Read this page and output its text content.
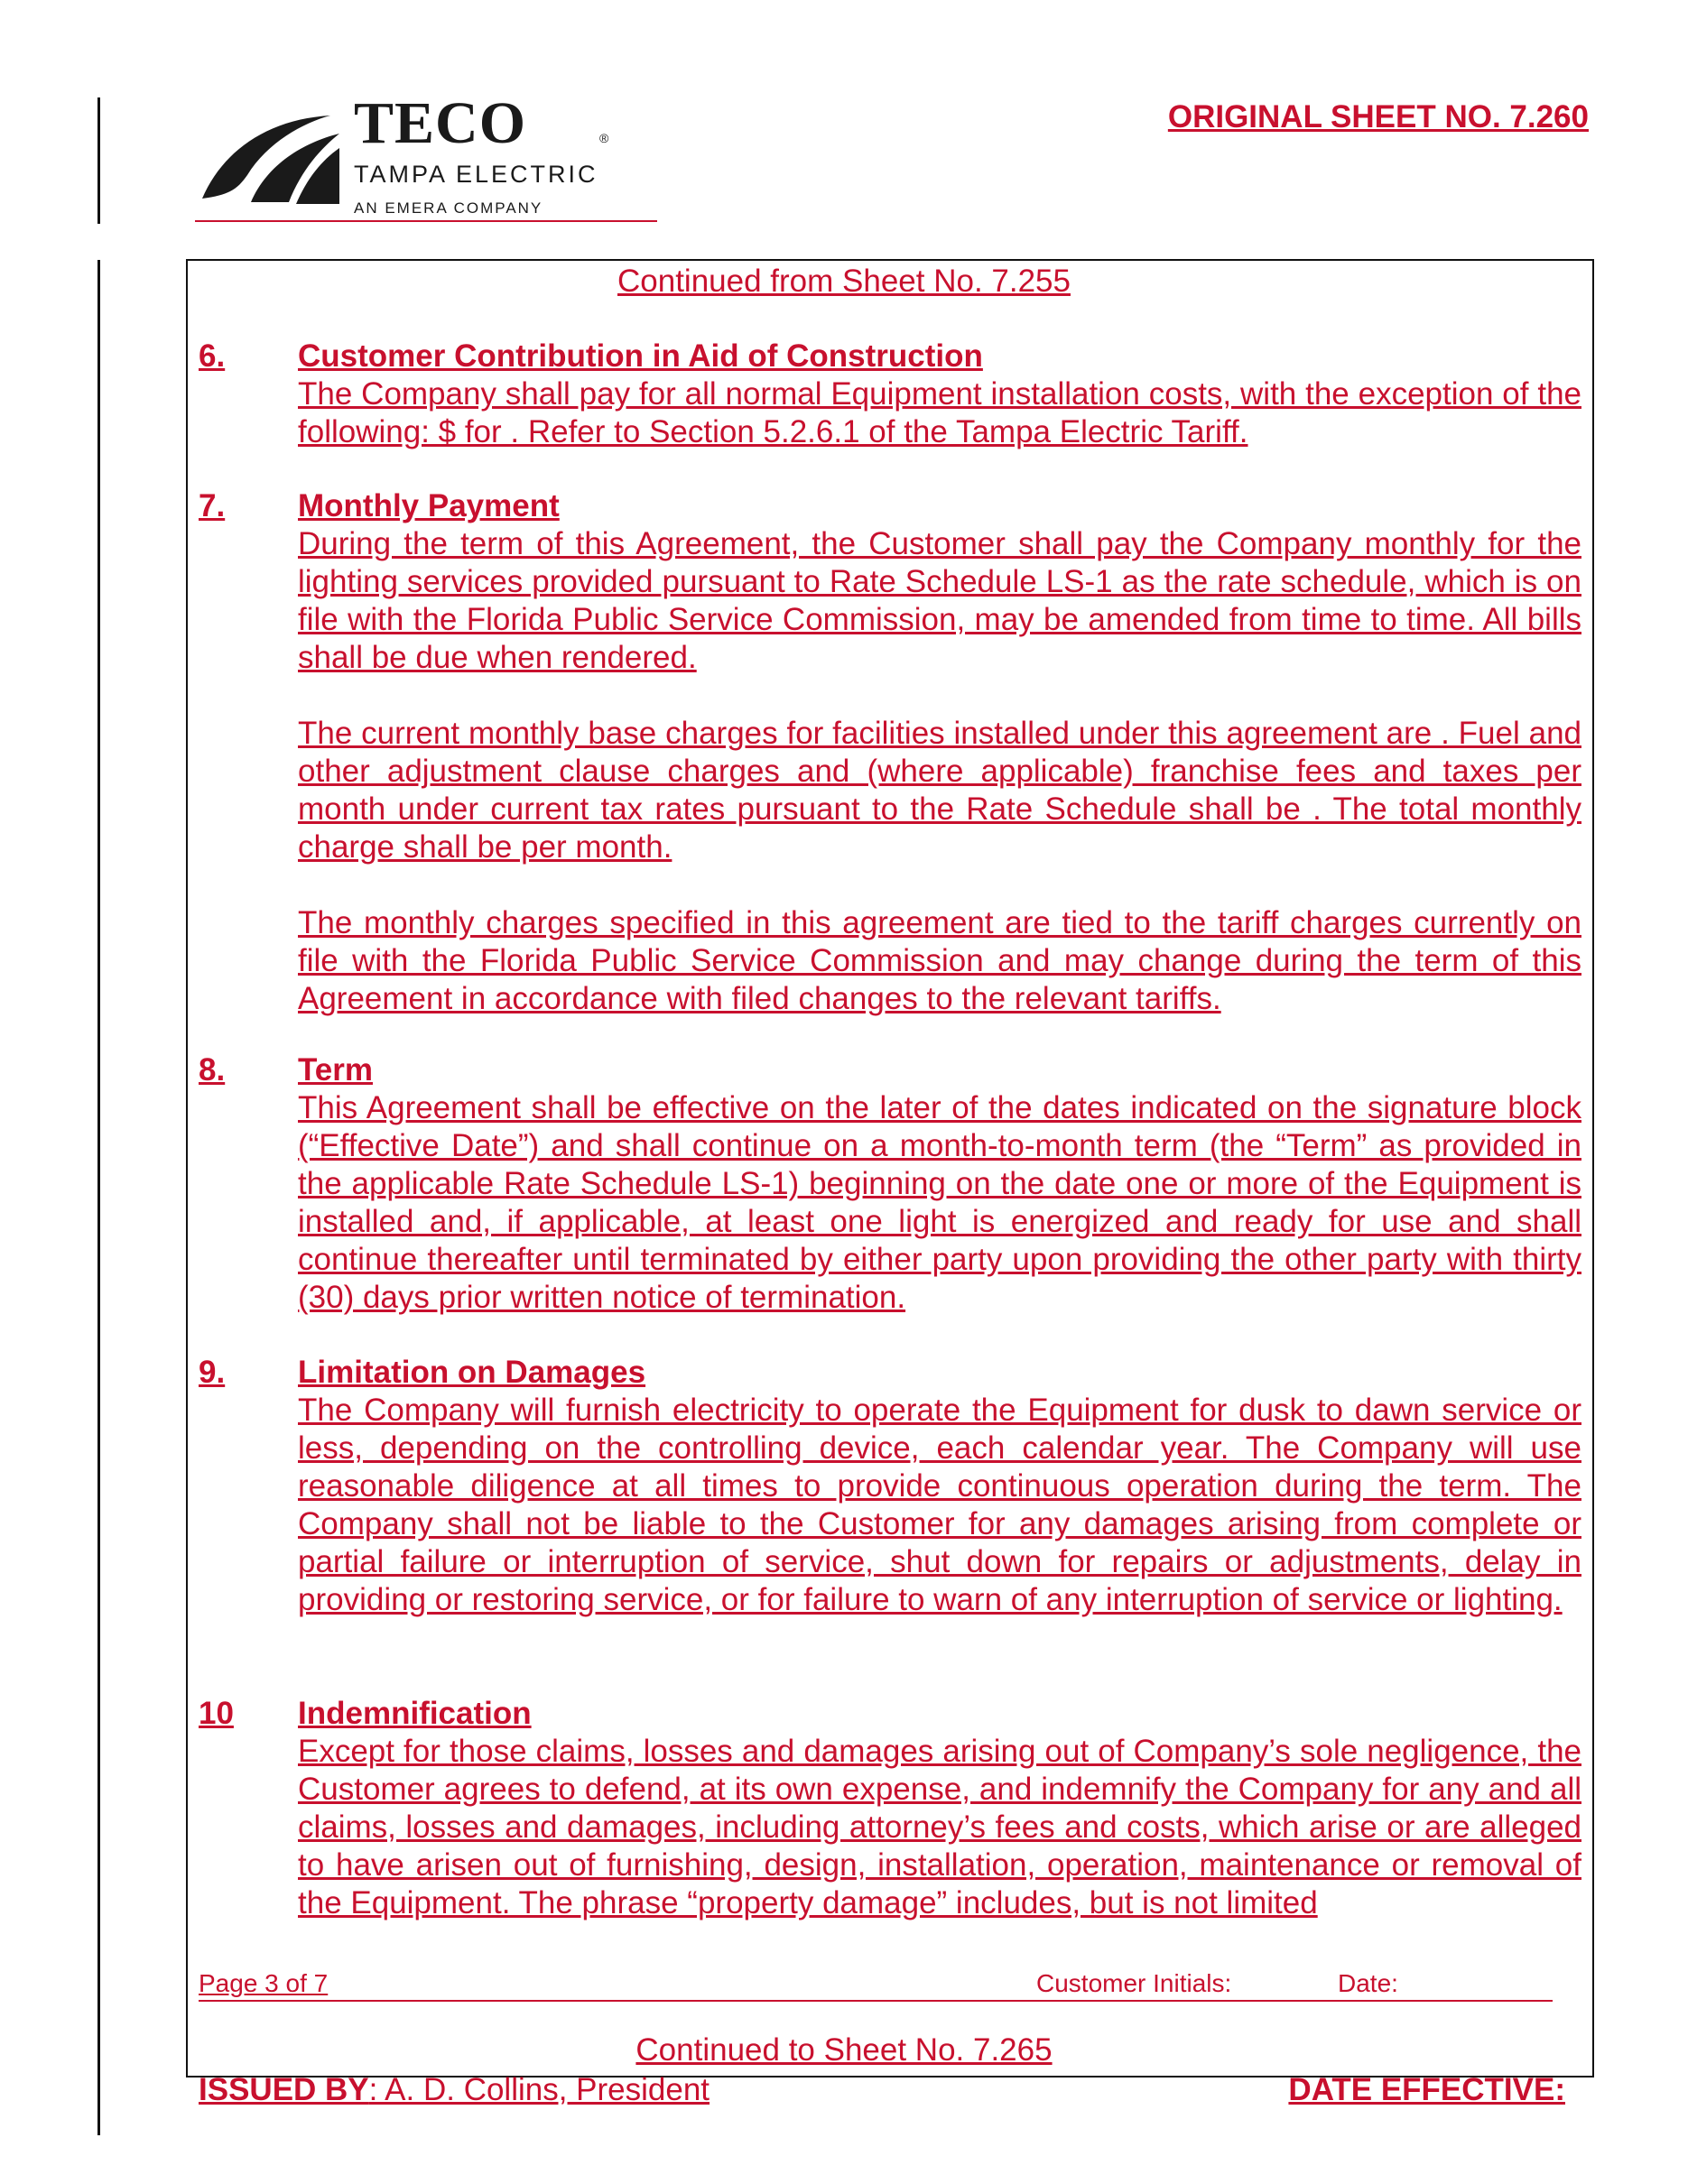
TECO	®
TAMPA ELECTRIC
AN EMERA COMPANY
ORIGINAL SHEET NO. 7.260
Continued from Sheet No. 7.255
6. Customer Contribution in Aid of Construction
The Company shall pay for all normal Equipment installation costs, with the exception of the following: $ for . Refer to Section 5.2.6.1 of the Tampa Electric Tariff.
7. Monthly Payment
During the term of this Agreement, the Customer shall pay the Company monthly for the lighting services provided pursuant to Rate Schedule LS-1 as the rate schedule, which is on file with the Florida Public Service Commission, may be amended from time to time. All bills shall be due when rendered.
The current monthly base charges for facilities installed under this agreement are . Fuel and other adjustment clause charges and (where applicable) franchise fees and taxes per month under current tax rates pursuant to the Rate Schedule shall be . The total monthly charge shall be per month.
The monthly charges specified in this agreement are tied to the tariff charges currently on file with the Florida Public Service Commission and may change during the term of this Agreement in accordance with filed changes to the relevant tariffs.
8. Term
This Agreement shall be effective on the later of the dates indicated on the signature block (“Effective Date”) and shall continue on a month-to-month term (the “Term” as provided in the applicable Rate Schedule LS-1) beginning on the date one or more of the Equipment is installed and, if applicable, at least one light is energized and ready for use and shall continue thereafter until terminated by either party upon providing the other party with thirty (30) days prior written notice of termination.
9. Limitation on Damages
The Company will furnish electricity to operate the Equipment for dusk to dawn service or less, depending on the controlling device, each calendar year. The Company will use reasonable diligence at all times to provide continuous operation during the term. The Company shall not be liable to the Customer for any damages arising from complete or partial failure or interruption of service, shut down for repairs or adjustments, delay in providing or restoring service, or for failure to warn of any interruption of service or lighting.
10 Indemnification
Except for those claims, losses and damages arising out of Company’s sole negligence, the Customer agrees to defend, at its own expense, and indemnify the Company for any and all claims, losses and damages, including attorney’s fees and costs, which arise or are alleged to have arisen out of furnishing, design, installation, operation, maintenance or removal of the Equipment. The phrase “property damage” includes, but is not limited
Page 3 of 7	Customer Initials:	Date:
Continued to Sheet No. 7.265
ISSUED BY: A. D. Collins, President	DATE EFFECTIVE:
